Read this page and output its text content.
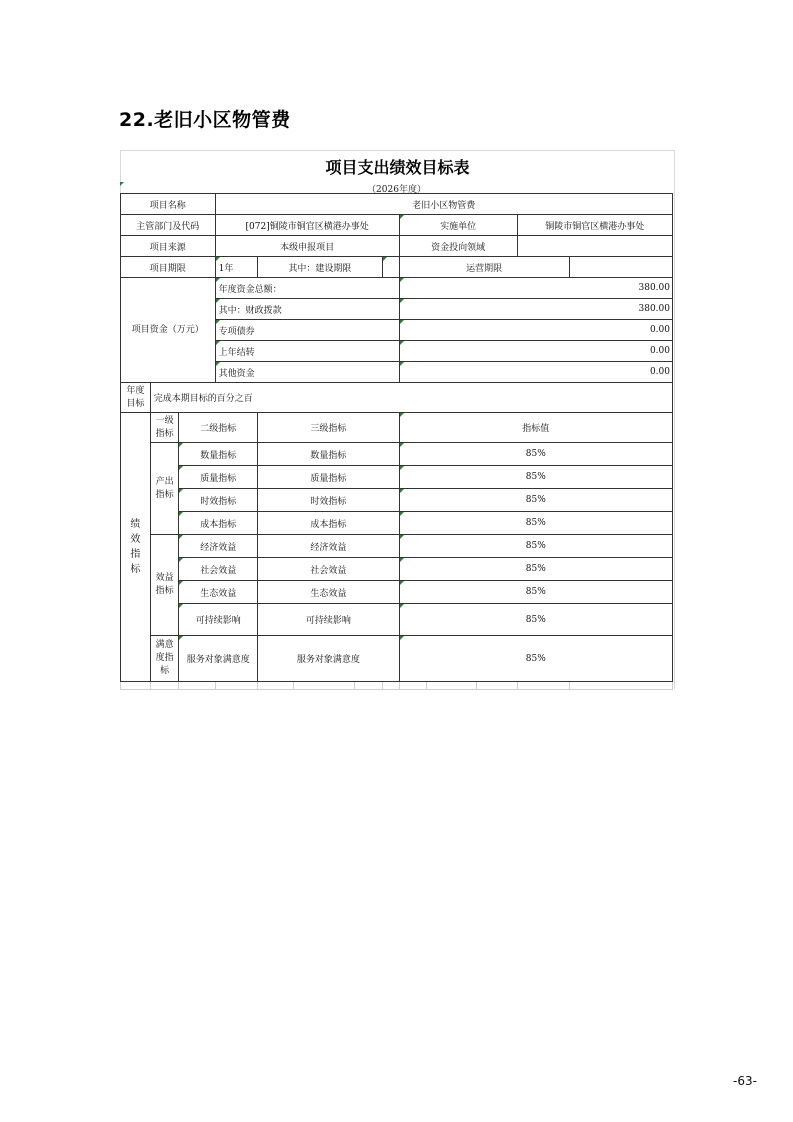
22.老旧小区物管费
项目支出绩效目标表
（2026年度）
项目名称			老旧小区物管费									
主管部门及代码			[072]铜陵市铜官区横港办事处					实施单位			铜陵市铜官区横港办事处	
项目来源			本级申报项目					资金投向领域				
项目期限			1年	其中：建设期限				运营期限				
项目资金（万元）			年度资金总额：					380.00				
			其中：财政拨款					380.00				
			专项债券					0.00				
			上年结转					0.00				
			其他资金					0.00				
年度目标	完成本期目标的百分之百											
绩效指标	一级指标	二级指标		三级指标				指标值				
	产出指标	数量指标		数量指标				85%				
		质量指标		质量指标				85%				
		时效指标		时效指标				85%				
		成本指标		成本指标				85%				
	效益指标	经济效益		经济效益				85%				
		社会效益		社会效益				85%				
		生态效益		生态效益				85%				
		可持续影响		可持续影响				85%				
	满意度指标	服务对象满意度		服务对象满意度				85%				

-63-
